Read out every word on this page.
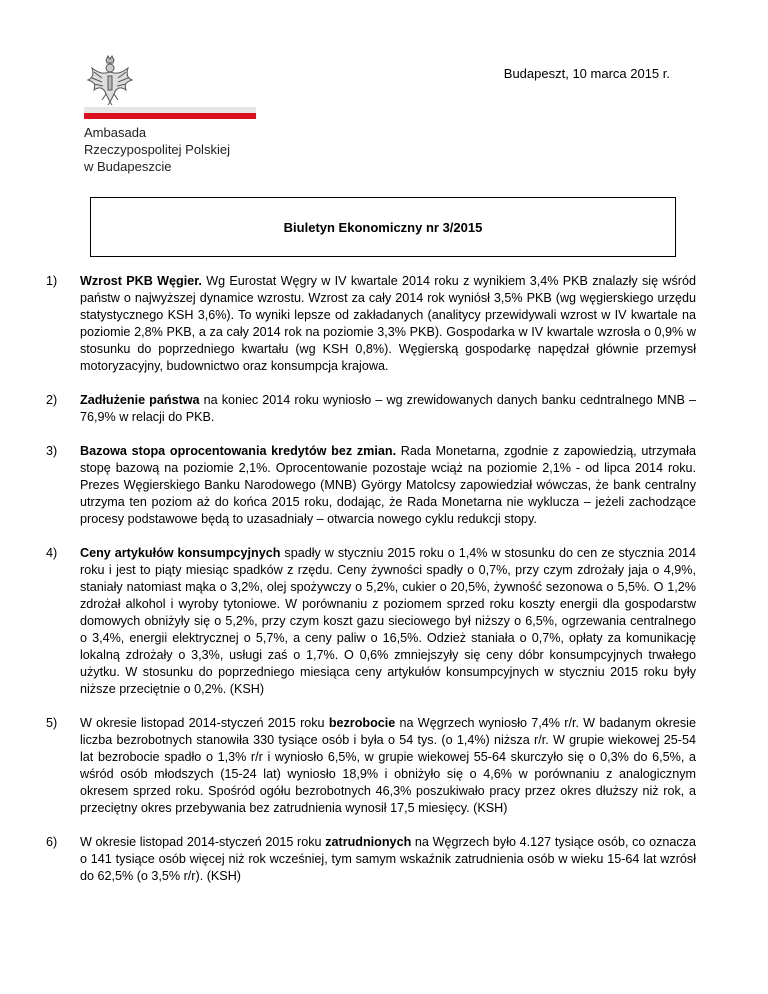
Budapeszt, 10 marca 2015 r.
Ambasada
Rzeczypospolitej Polskiej
w Budapeszcie
Biuletyn Ekonomiczny nr 3/2015
1)	Wzrost PKB Węgier. Wg Eurostat Węgry w IV kwartale 2014 roku z wynikiem 3,4% PKB znalazły się wśród państw o najwyższej dynamice wzrostu. Wzrost za cały 2014 rok wyniósł 3,5% PKB (wg węgierskiego urzędu statystycznego KSH 3,6%). To wyniki lepsze od zakładanych (analitycy przewidywali wzrost w IV kwartale na poziomie 2,8% PKB, a za cały 2014 rok na poziomie 3,3% PKB). Gospodarka w IV kwartale wzrosła o 0,9% w stosunku do poprzedniego kwartału (wg KSH 0,8%). Węgierską gospodarkę napędzał głównie przemysł motoryzacyjny, budownictwo oraz konsumpcja krajowa.
2)	Zadłużenie państwa na koniec 2014 roku wyniosło – wg zrewidowanych danych banku cedntralnego MNB – 76,9% w relacji do PKB.
3)	Bazowa stopa oprocentowania kredytów bez zmian. Rada Monetarna, zgodnie z zapowiedzią, utrzymała stopę bazową na poziomie 2,1%. Oprocentowanie pozostaje wciąż na poziomie 2,1% - od lipca 2014 roku. Prezes Węgierskiego Banku Narodowego (MNB) György Matolcsy zapowiedział wówczas, że bank centralny utrzyma ten poziom aż do końca 2015 roku, dodając, że Rada Monetarna nie wyklucza – jeżeli zachodzące procesy podstawowe będą to uzasadniały – otwarcia nowego cyklu redukcji stopy.
4)	Ceny artykułów konsumpcyjnych spadły w styczniu 2015 roku o 1,4% w stosunku do cen ze stycznia 2014 roku i jest to piąty miesiąc spadków z rzędu. Ceny żywności spadły o 0,7%, przy czym zdrożały jaja o 4,9%, staniały natomiast mąka o 3,2%, olej spożywczy o 5,2%, cukier o 20,5%, żywność sezonowa o 5,5%. O 1,2% zdrożał alkohol i wyroby tytoniowe. W porównaniu z poziomem sprzed roku koszty energii dla gospodarstw domowych obniżyły się o 5,2%, przy czym koszt gazu sieciowego był niższy o 6,5%, ogrzewania centralnego o 3,4%, energii elektrycznej o 5,7%, a ceny paliw o 16,5%. Odzież staniała o 0,7%, opłaty za komunikację lokalną zdrożały o 3,3%, usługi zaś o 1,7%. O 0,6% zmniejszyły się ceny dóbr konsumpcyjnych trwałego użytku. W stosunku do poprzedniego miesiąca ceny artykułów konsumpcyjnych w styczniu 2015 roku były niższe przeciętnie o 0,2%. (KSH)
5)	W okresie listopad 2014-styczeń 2015 roku bezrobocie na Węgrzech wyniosło 7,4% r/r. W badanym okresie liczba bezrobotnych stanowiła 330 tysiące osób i była o 54 tys. (o 1,4%) niższa r/r. W grupie wiekowej 25-54 lat bezrobocie spadło o 1,3% r/r i wyniosło 6,5%, w grupie wiekowej 55-64 skurczyło się o 0,3% do 6,5%, a wśród osób młodszych (15-24 lat) wyniosło 18,9% i obniżyło się o 4,6% w porównaniu z analogicznym okresem sprzed roku. Spośród ogółu bezrobotnych 46,3% poszukiwało pracy przez okres dłuższy niż rok, a przeciętny okres przebywania bez zatrudnienia wynosił 17,5 miesięcy. (KSH)
6)	W okresie listopad 2014-styczeń 2015 roku zatrudnionych na Węgrzech było 4.127 tysiące osób, co oznacza o 141 tysiące osób więcej niż rok wcześniej, tym samym wskaźnik zatrudnienia osób w wieku 15-64 lat wzrósł do 62,5% (o 3,5% r/r). (KSH)
